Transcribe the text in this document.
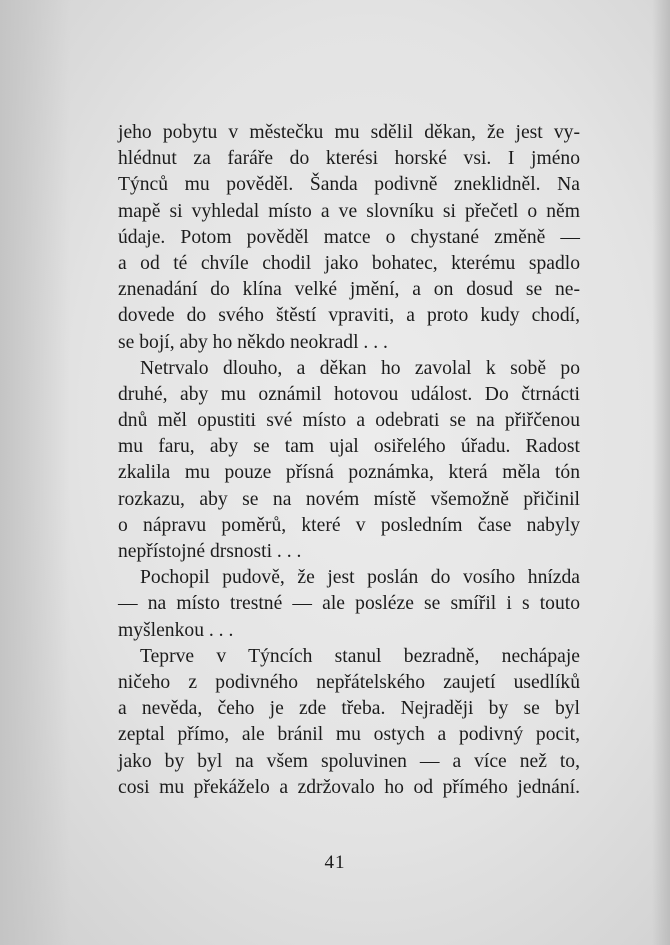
jeho pobytu v městečku mu sdělil děkan, že jest vy-
hlédnut za faráře do kterési horské vsi. I jméno
Týnců mu pověděl. Šanda podivně zneklidněl. Na
mapě si vyhledal místo a ve slovníku si přečetl o něm
údaje. Potom pověděl matce o chystané změně —
a od té chvíle chodil jako bohatec, kterému spadlo
znenadání do klína velké jmění, a on dosud se ne-
dovede do svého štěstí vpraviti, a proto kudy chodí,
se bojí, aby ho někdo neokradl . . .
Netrvalo dlouho, a děkan ho zavolal k sobě po
druhé, aby mu oznámil hotovou událost. Do čtrnácti
dnů měl opustiti své místo a odebrati se na přiřčenou
mu faru, aby se tam ujal osiřelého úřadu. Radost
zkalila mu pouze přísná poznámka, která měla tón
rozkazu, aby se na novém místě všemožně přičinil
o nápravu poměrů, které v posledním čase nabyly
nepřístojné drsnosti . . .
Pochopil pudově, že jest poslán do vosího hnízda
— na místo trestné — ale posléze se smířil i s touto
myšlenkou . . .
Teprve v Týncích stanul bezradně, nechápaje
ničeho z podivného nepřátelského zaujetí usedlíků
a nevěda, čeho je zde třeba. Nejraději by se byl
zeptal přímo, ale bránil mu ostych a podivný pocit,
jako by byl na všem spoluvinen — a více než to,
cosi mu překáželo a zdržovalo ho od přímého jednání.
41
